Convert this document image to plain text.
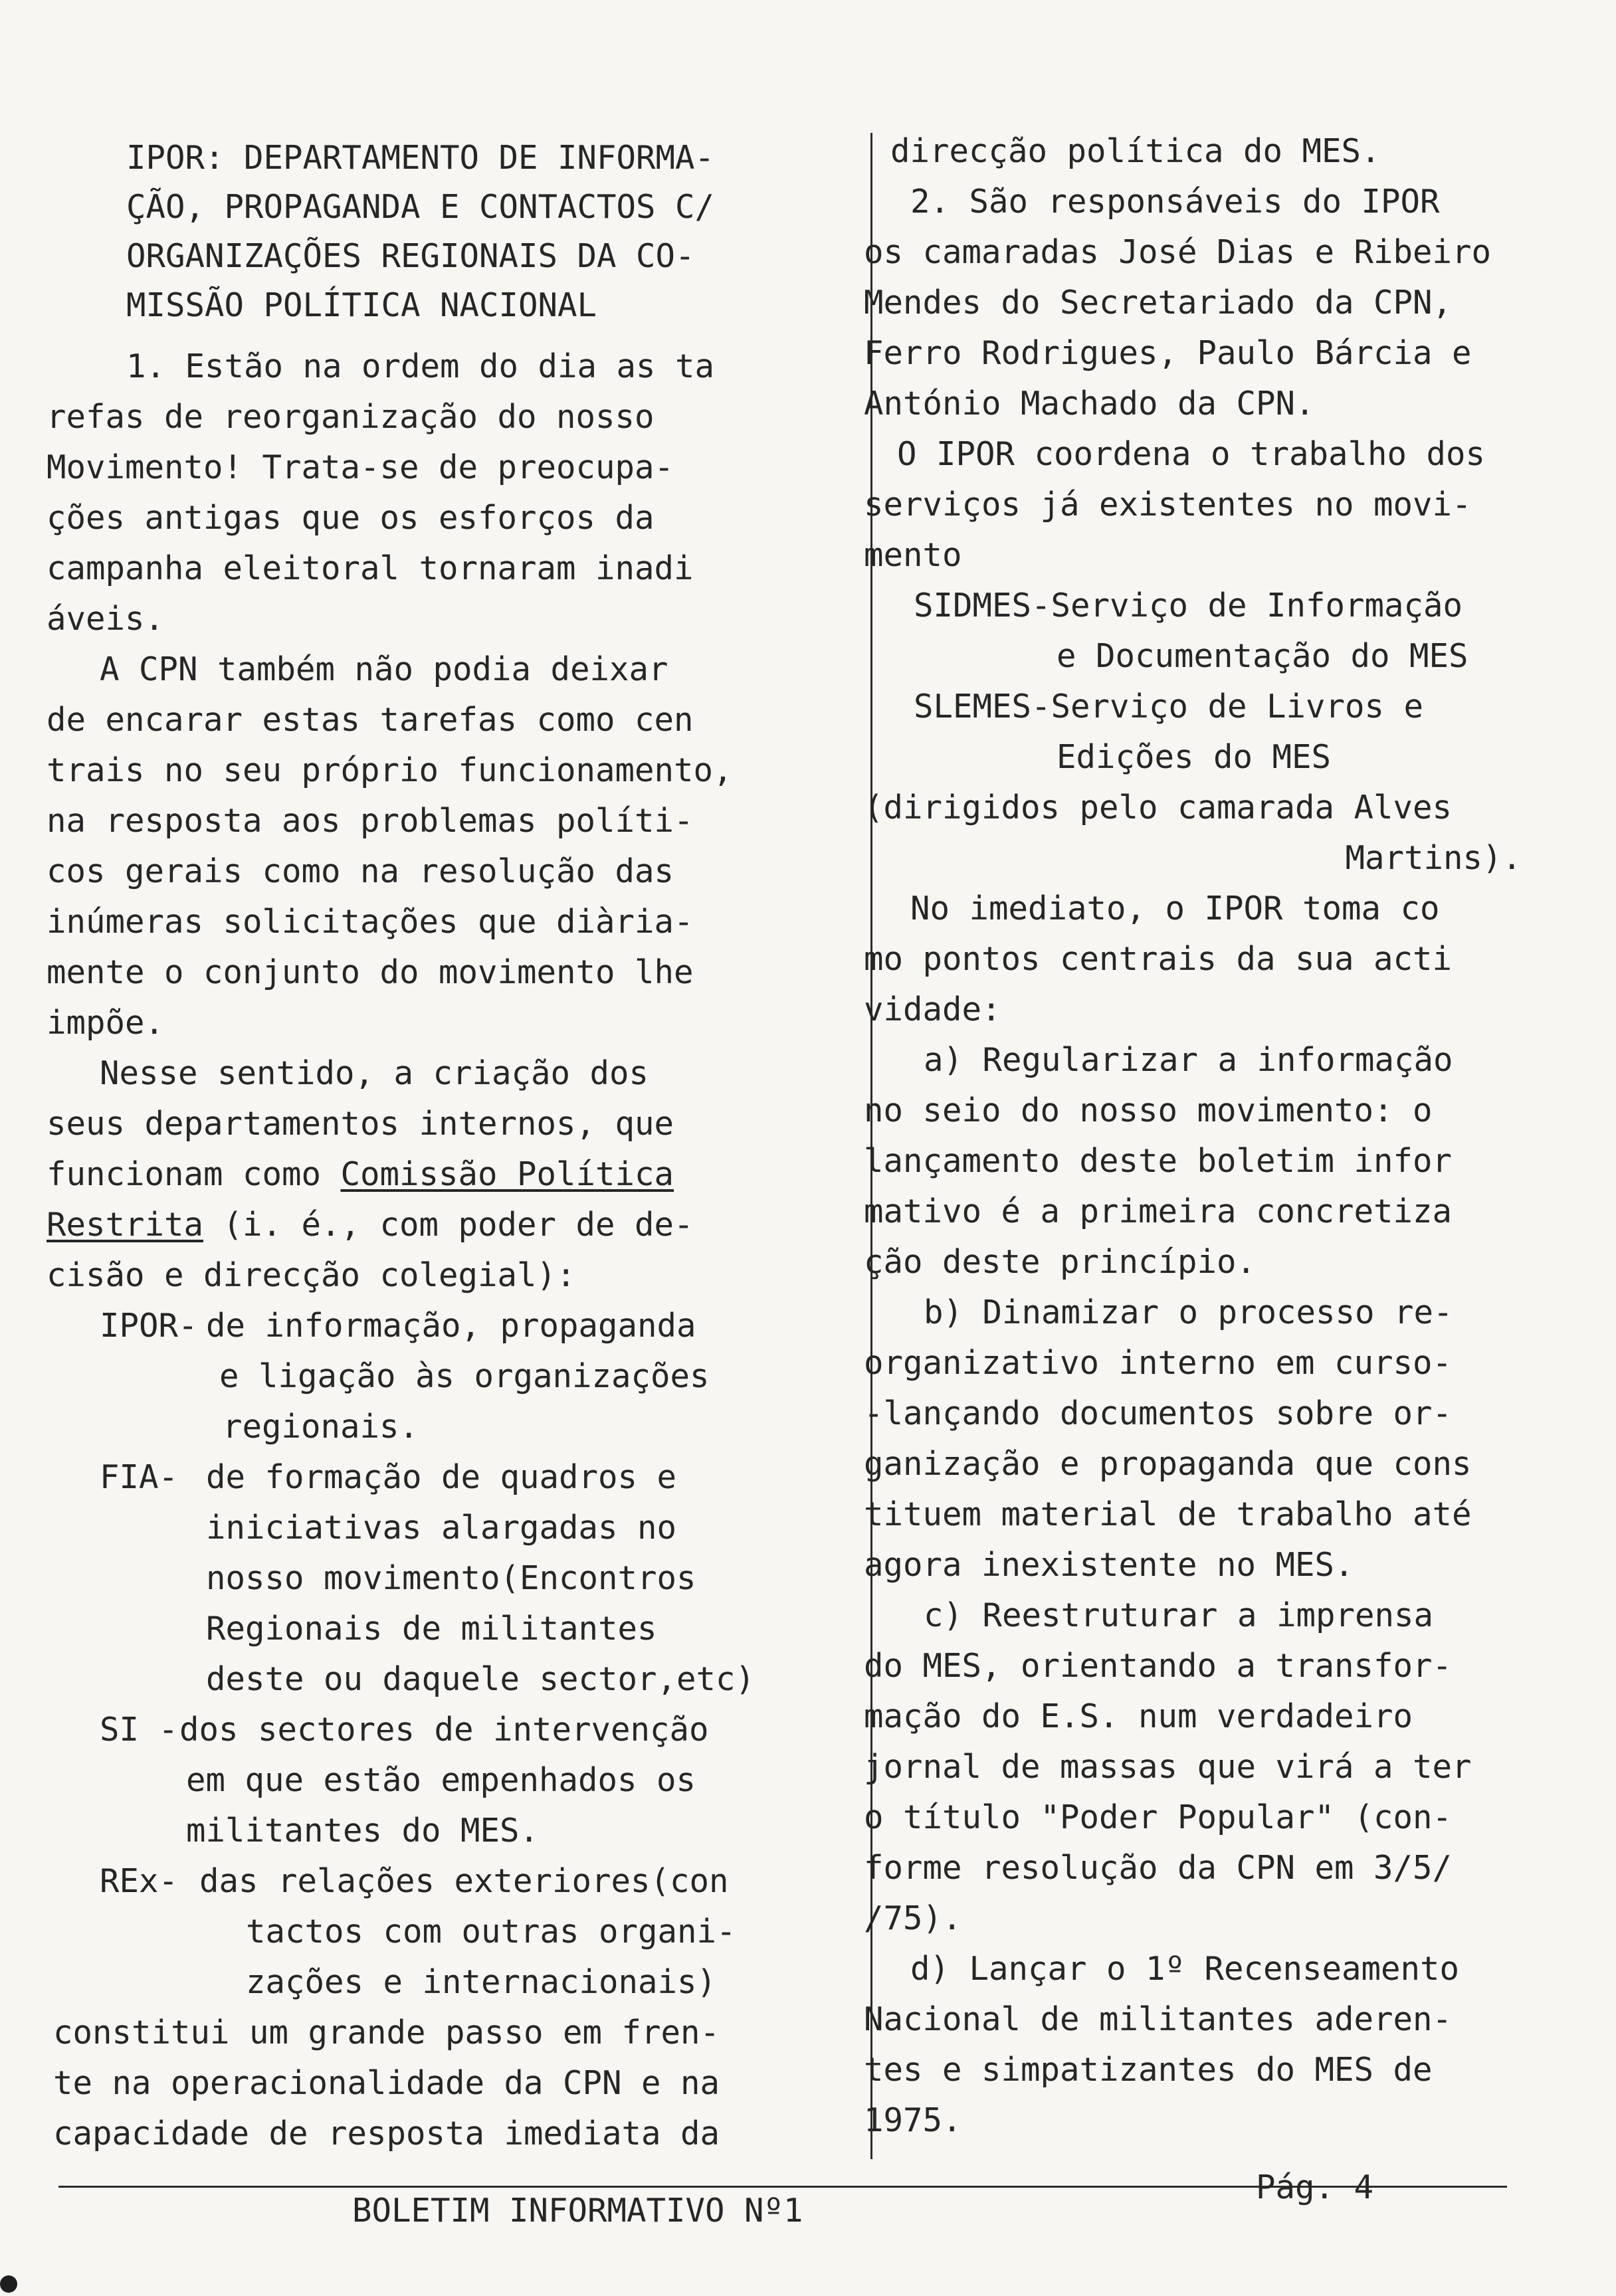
IPOR: DEPARTAMENTO DE INFORMA-
ÇÃO, PROPAGANDA E CONTACTOS C/
ORGANIZAÇÕES REGIONAIS DA CO-
MISSÃO POLÍTICA NACIONAL
1. Estão na ordem do dia as ta
refas de reorganização do nosso
Movimento! Trata-se de preocupa-
ções antigas que os esforços da
campanha eleitoral tornaram inadi
áveis.
A CPN também não podia deixar
de encarar estas tarefas como cen
trais no seu próprio funcionamento,
na resposta aos problemas políti-
cos gerais como na resolução das
inúmeras solicitações que diària-
mente o conjunto do movimento lhe
impõe.
Nesse sentido, a criação dos
seus departamentos internos, que
funcionam como Comissão Política
Restrita (i. é., com poder de de-
cisão e direcção colegial):
IPOR- de informação, propaganda
e ligação às organizações
regionais.
FIA- de formação de quadros e
iniciativas alargadas no
nosso movimento(Encontros
Regionais de militantes
deste ou daquele sector,etc)
SI -dos sectores de intervenção
em que estão empenhados os
militantes do MES.
REx- das relações exteriores(con
tactos com outras organi-
zações e internacionais)
constitui um grande passo em fren-
te na operacionalidade da CPN e na
capacidade de resposta imediata da
direcção política do MES.
2. São responsáveis do IPOR
os camaradas José Dias e Ribeiro
Mendes do Secretariado da CPN,
Ferro Rodrigues, Paulo Bárcia e
António Machado da CPN.
O IPOR coordena o trabalho dos
serviços já existentes no movi-
mento
SIDMES-Serviço de Informação
e Documentação do MES
SLEMES-Serviço de Livros e
Edições do MES
(dirigidos pelo camarada Alves
Martins).
No imediato, o IPOR toma co
mo pontos centrais da sua acti
vidade:
a) Regularizar a informação
no seio do nosso movimento: o
lançamento deste boletim infor
mativo é a primeira concretiza
ção deste princípio.
b) Dinamizar o processo re-
organizativo interno em curso-
-lançando documentos sobre or-
ganização e propaganda que cons
tituem material de trabalho até
agora inexistente no MES.
c) Reestruturar a imprensa
do MES, orientando a transfor-
mação do E.S. num verdadeiro
jornal de massas que virá a ter
o título "Poder Popular" (con-
forme resolução da CPN em 3/5/
/75).
d) Lançar o 1º Recenseamento
Nacional de militantes aderen-
tes e simpatizantes do MES de
1975.
Pág. 4
BOLETIM INFORMATIVO Nº1
